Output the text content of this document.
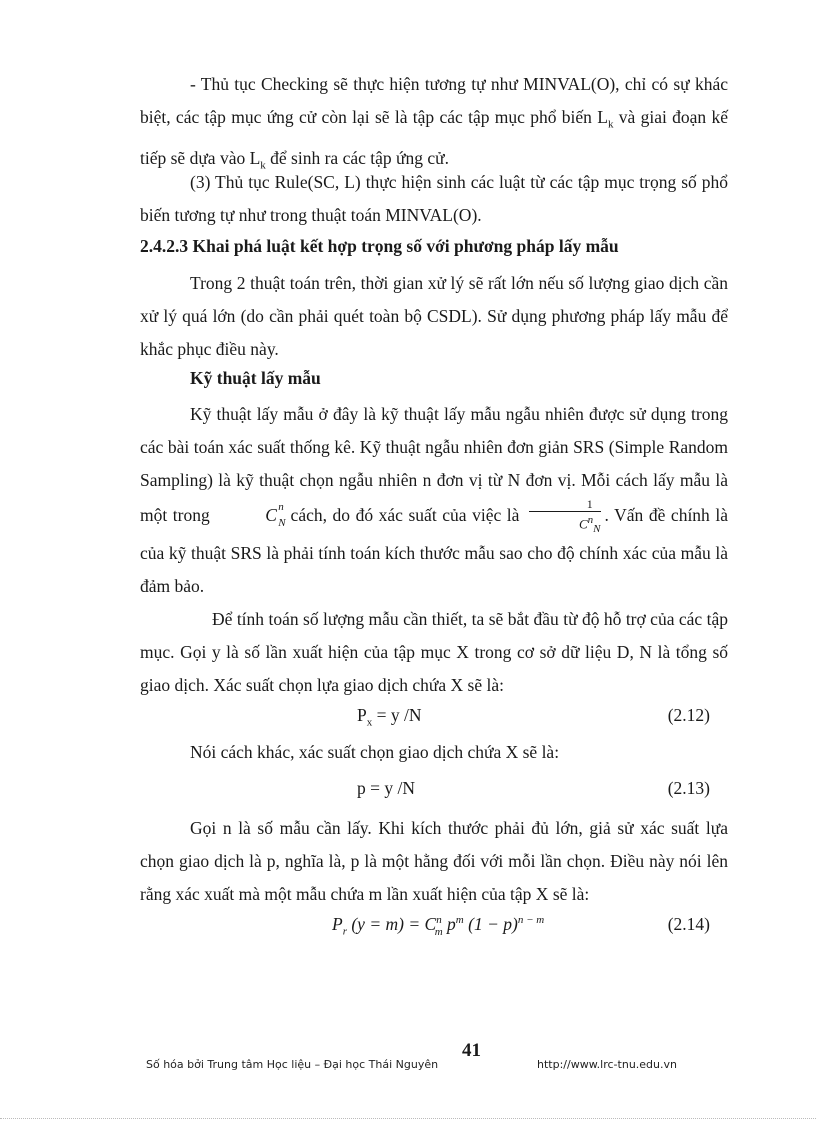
- Thủ tục Checking sẽ thực hiện tương tự như MINVAL(O), chỉ có sự khác biệt, các tập mục ứng cử còn lại sẽ là tập các tập mục phổ biến $L_k$ và giai đoạn kế tiếp sẽ dựa vào $L_k$ để sinh ra các tập ứng cử.

(3) Thủ tục Rule(SC, L) thực hiện sinh các luật từ các tập mục trọng số phổ biến tương tự như trong thuật toán MINVAL(O).

2.4.2.3 Khai phá luật kết hợp trọng số với phương pháp lấy mẫu

Trong 2 thuật toán trên, thời gian xử lý sẽ rất lớn nếu số lượng giao dịch cần xử lý quá lớn (do cần phải quét toàn bộ CSDL). Sử dụng phương pháp lấy mẫu để khắc phục điều này.

Kỹ thuật lấy mẫu

Kỹ thuật lấy mẫu ở đây là kỹ thuật lấy mẫu ngẫu nhiên được sử dụng trong các bài toán xác suất thống kê. Kỹ thuật ngẫu nhiên đơn giản SRS (Simple Random Sampling) là kỹ thuật chọn ngẫu nhiên n đơn vị từ N đơn vị. Mỗi cách lấy mẫu là một trong	C n
N cách, do đó xác suất của việc là $\frac{1}{C^n_N}$ . Vấn đề chính là của kỹ thuật SRS là phải tính toán kích thước mẫu sao cho độ chính xác của mẫu là đảm bảo.

Để tính toán số lượng mẫu cần thiết, ta sẽ bắt đầu từ độ hỗ trợ của các tập mục. Gọi y là số lần xuất hiện của tập mục X trong cơ sở dữ liệu D, N là tổng số giao dịch. Xác suất chọn lựa giao dịch chứa X sẽ là:

$P_x = y$ /N	(2.12)

Nói cách khác, xác suất chọn giao dịch chứa X sẽ là:

p = y /N	(2.13)

Gọi n là số mẫu cần lấy. Khi kích thước phải đủ lớn, giả sử xác suất lựa chọn giao dịch là p, nghĩa là, p là một hằng đối với mỗi lần chọn. Điều này nói lên rằng xác xuất mà một mẫu chứa m lần xuất hiện của tập X sẽ là:

$P_r$ $(y = m) = C^n_m$ $p^m$ $(1 - p)^{n - m}$	(2.14)
41
Số hóa bởi Trung tâm Học liệu – Đại học Thái Nguyên	http://www.lrc-tnu.edu.vn
